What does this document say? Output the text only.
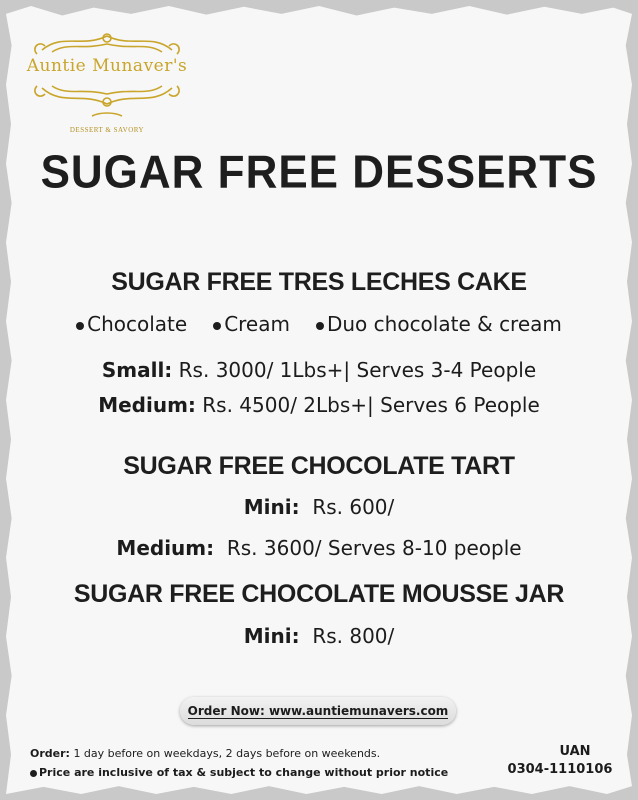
Auntie Munaver's
DESSERT & SAVORY
SUGAR FREE DESSERTS
SUGAR FREE TRES LECHES CAKE
Chocolate	Cream	Duo chocolate & cream
Small: Rs. 3000/ 1Lbs+| Serves 3-4 People
Medium: Rs. 4500/ 2Lbs+| Serves 6 People
SUGAR FREE CHOCOLATE TART
Mini: Rs. 600/
Medium: Rs. 3600/ Serves 8-10 people
SUGAR FREE CHOCOLATE MOUSSE JAR
Mini: Rs. 800/
Order Now: www.auntiemunavers.com
Order: 1 day before on weekdays, 2 days before on weekends.
Price are inclusive of tax & subject to change without prior notice
UAN
0304-1110106
